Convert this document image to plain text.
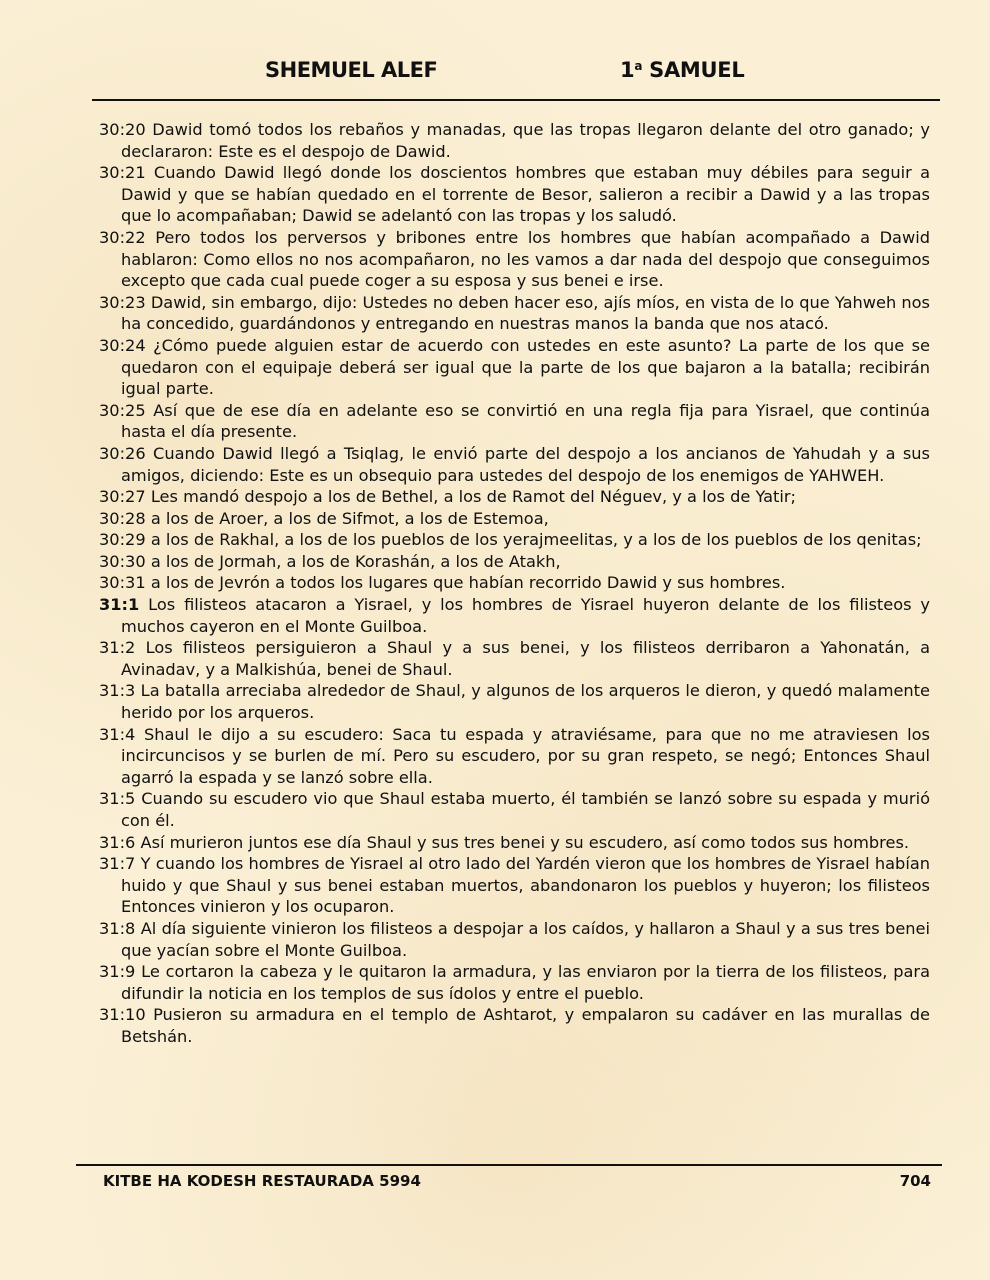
SHEMUEL ALEF	1$^a$ SAMUEL

30:20 Dawid tomó todos los rebaños y manadas, que las tropas llegaron delante del otro ganado; y declararon: Este es el despojo de Dawid.

30:21 Cuando Dawid llegó donde los doscientos hombres que estaban muy débiles para seguir a Dawid y que se habían quedado en el torrente de Besor, salieron a recibir a Dawid y a las tropas que lo acompañaban; Dawid se adelantó con las tropas y los saludó.

30:22 Pero todos los perversos y bribones entre los hombres que habían acompañado a Dawid hablaron: Como ellos no nos acompañaron, no les vamos a dar nada del despojo que conseguimos excepto que cada cual puede coger a su esposa y sus benei e irse.

30:23 Dawid, sin embargo, dijo: Ustedes no deben hacer eso, ajís míos, en vista de lo que Yahweh nos ha concedido, guardándonos y entregando en nuestras manos la banda que nos atacó.

30:24 ¿Cómo puede alguien estar de acuerdo con ustedes en este asunto? La parte de los que se quedaron con el equipaje deberá ser igual que la parte de los que bajaron a la batalla; recibirán igual parte.

30:25 Así que de ese día en adelante eso se convirtió en una regla fija para Yisrael, que continúa hasta el día presente.

30:26 Cuando Dawid llegó a Tsiqlag, le envió parte del despojo a los ancianos de Yahudah y a sus amigos, diciendo: Este es un obsequio para ustedes del despojo de los enemigos de YAHWEH.

30:27 Les mandó despojo a los de Bethel, a los de Ramot del Néguev, y a los de Yatir;

30:28 a los de Aroer, a los de Sifmot, a los de Estemoa,

30:29 a los de Rakhal, a los de los pueblos de los yerajmeelitas, y a los de los pueblos de los qenitas;

30:30 a los de Jormah, a los de Korashán, a los de Atakh,

30:31 a los de Jevrón a todos los lugares que habían recorrido Dawid y sus hombres.

31:1 Los filisteos atacaron a Yisrael, y los hombres de Yisrael huyeron delante de los filisteos y muchos cayeron en el Monte Guilboa.

31:2 Los filisteos persiguieron a Shaul y a sus benei, y los filisteos derribaron a Yahonatán, a Avinadav, y a Malkishúa, benei de Shaul.

31:3 La batalla arreciaba alrededor de Shaul, y algunos de los arqueros le dieron, y quedó malamente herido por los arqueros.

31:4 Shaul le dijo a su escudero: Saca tu espada y atraviésame, para que no me atraviesen los incircuncisos y se burlen de mí. Pero su escudero, por su gran respeto, se negó; Entonces Shaul agarró la espada y se lanzó sobre ella.

31:5 Cuando su escudero vio que Shaul estaba muerto, él también se lanzó sobre su espada y murió con él.

31:6 Así murieron juntos ese día Shaul y sus tres benei y su escudero, así como todos sus hombres.

31:7 Y cuando los hombres de Yisrael al otro lado del Yardén vieron que los hombres de Yisrael habían huido y que Shaul y sus benei estaban muertos, abandonaron los pueblos y huyeron; los filisteos Entonces vinieron y los ocuparon.

31:8 Al día siguiente vinieron los filisteos a despojar a los caídos, y hallaron a Shaul y a sus tres benei que yacían sobre el Monte Guilboa.

31:9 Le cortaron la cabeza y le quitaron la armadura, y las enviaron por la tierra de los filisteos, para difundir la noticia en los templos de sus ídolos y entre el pueblo.

31:10 Pusieron su armadura en el templo de Ashtarot, y empalaron su cadáver en las murallas de Betshán.

KITBE HA KODESH RESTAURADA 5994	704
